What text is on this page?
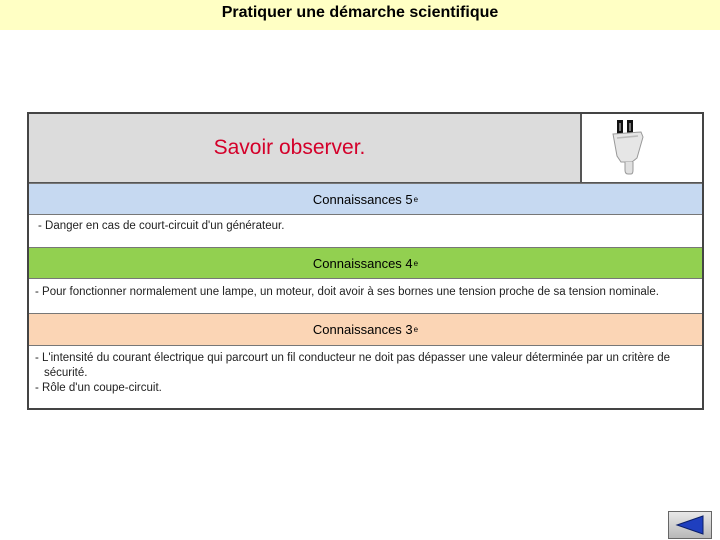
Pratiquer une démarche scientifique
Savoir observer.
Connaissances 5 e
- Danger en cas de court-circuit d'un générateur.
Connaissances 4 e
- Pour fonctionner normalement une lampe, un moteur, doit avoir à ses bornes une tension proche de sa tension nominale.
Connaissances 3 e
- L'intensité du courant électrique qui parcourt un fil conducteur ne doit pas dépasser une valeur déterminée par un critère de
sécurité.
- Rôle d'un coupe-circuit.
